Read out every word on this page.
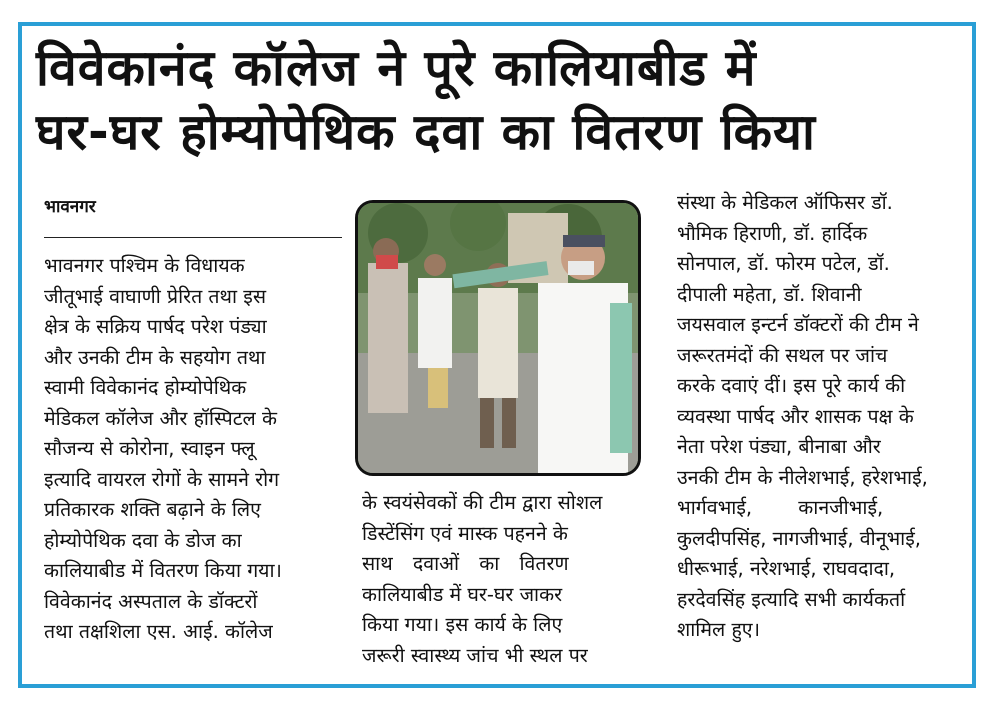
विवेकानंद कॉलेज ने पूरे कालियाबीड में
घर-घर होम्योपेथिक दवा का वितरण किया
भावनगर
भावनगर पश्चिम के विधायक
जीतूभाई वाघाणी प्रेरित तथा इस
क्षेत्र के सक्रिय पार्षद परेश पंड्या
और उनकी टीम के सहयोग तथा
स्वामी विवेकानंद होम्योपेथिक
मेडिकल कॉलेज और हॉस्पिटल के
सौजन्य से कोरोना, स्वाइन फ्लू
इत्यादि वायरल रोगों के सामने रोग
प्रतिकारक शक्ति बढ़ाने के लिए
होम्योपेथिक दवा के डोज का
कालियाबीड में वितरण किया गया।
विवेकानंद अस्पताल के डॉक्टरों
तथा तक्षशिला एस. आई. कॉलेज
के स्वयंसेवकों की टीम द्वारा सोशल
डिस्टेंसिंग एवं मास्क पहनने के
साथ दवाओं का वितरण
कालियाबीड में घर-घर जाकर
किया गया। इस कार्य के लिए
जरूरी स्वास्थ्य जांच भी स्थल पर
संस्था के मेडिकल ऑफिसर डॉ.
भौमिक हिराणी, डॉ. हार्दिक
सोनपाल, डॉ. फोरम पटेल, डॉ.
दीपाली महेता, डॉ. शिवानी
जयसवाल इन्टर्न डॉक्टरों की टीम ने
जरूरतमंदों की सथल पर जांच
करके दवाएं दीं। इस पूरे कार्य की
व्यवस्था पार्षद और शासक पक्ष के
नेता परेश पंड्या, बीनाबा और
उनकी टीम के नीलेशभाई, हरेशभाई,
भार्गवभाई, कानजीभाई,
कुलदीपसिंह, नागजीभाई, वीनूभाई,
धीरूभाई, नरेशभाई, राघवदादा,
हरदेवसिंह इत्यादि सभी कार्यकर्ता
शामिल हुए।
